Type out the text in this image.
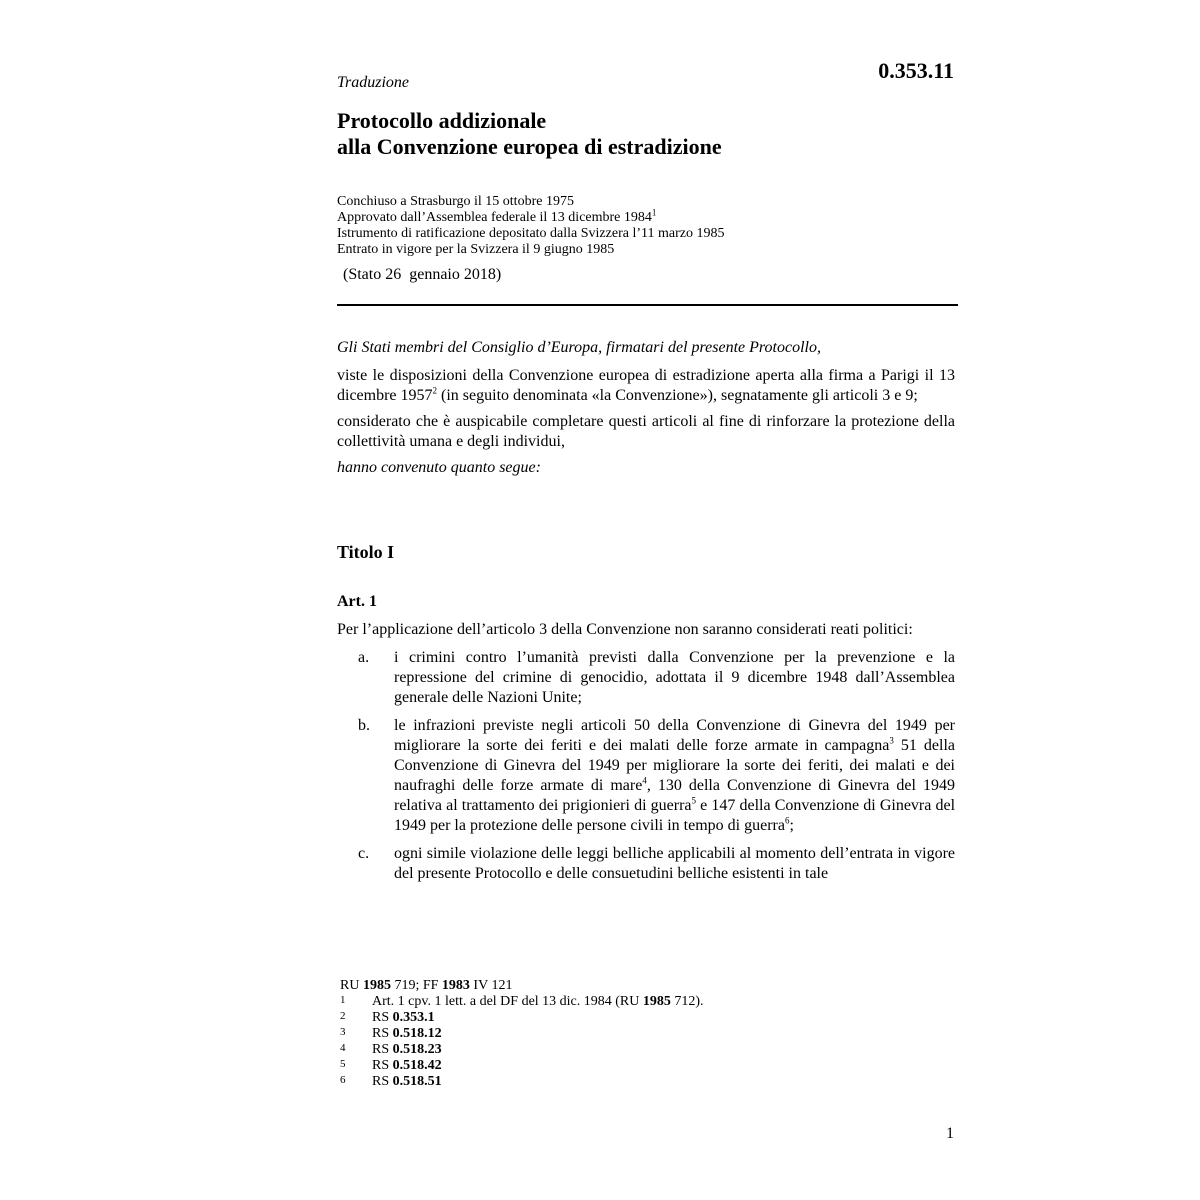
0.353.11
Traduzione
Protocollo addizionale
alla Convenzione europea di estradizione
Conchiuso a Strasburgo il 15 ottobre 1975
Approvato dall’Assemblea federale il 13 dicembre 1984$^1$
Istrumento di ratificazione depositato dalla Svizzera l’11 marzo 1985
Entrato in vigore per la Svizzera il 9 giugno 1985
(Stato 26  gennaio 2018)

Gli Stati membri del Consiglio d’Europa, firmatari del presente Protocollo,

viste le disposizioni della Convenzione europea di estradizione aperta alla firma a Parigi il 13 dicembre 1957$^2$ (in seguito denominata «la Convenzione»), segnatamente gli articoli 3 e 9;

considerato che è auspicabile completare questi articoli al fine di rinforzare la protezione della collettività umana e degli individui,

hanno convenuto quanto segue:

Titolo I
Art. 1
Per l’applicazione dell’articolo 3 della Convenzione non saranno considerati reati politici:
a.	i crimini contro l’umanità previsti dalla Convenzione per la prevenzione e la repressione del crimine di genocidio, adottata il 9 dicembre 1948 dall’Assemblea generale delle Nazioni Unite;
b.	le infrazioni previste negli articoli 50 della Convenzione di Ginevra del 1949 per migliorare la sorte dei feriti e dei malati delle forze armate in campagna$^3$ 51 della Convenzione di Ginevra del 1949 per migliorare la sorte dei feriti, dei malati e dei naufraghi delle forze armate di mare$^4$, 130 della Convenzione di Ginevra del 1949 relativa al trattamento dei prigionieri di guerra$^5$ e 147 della Convenzione di Ginevra del 1949 per la protezione delle persone civili in tempo di guerra$^6$;
c.	ogni simile violazione delle leggi belliche applicabili al momento dell’entrata in vigore del presente Protocollo e delle consuetudini belliche esistenti in tale
RU 1985 719; FF 1983 IV 121
1	Art. 1 cpv. 1 lett. a del DF del 13 dic. 1984 (RU 1985 712).
2	RS 0.353.1
3	RS 0.518.12
4	RS 0.518.23
5	RS 0.518.42
6	RS 0.518.51
1
